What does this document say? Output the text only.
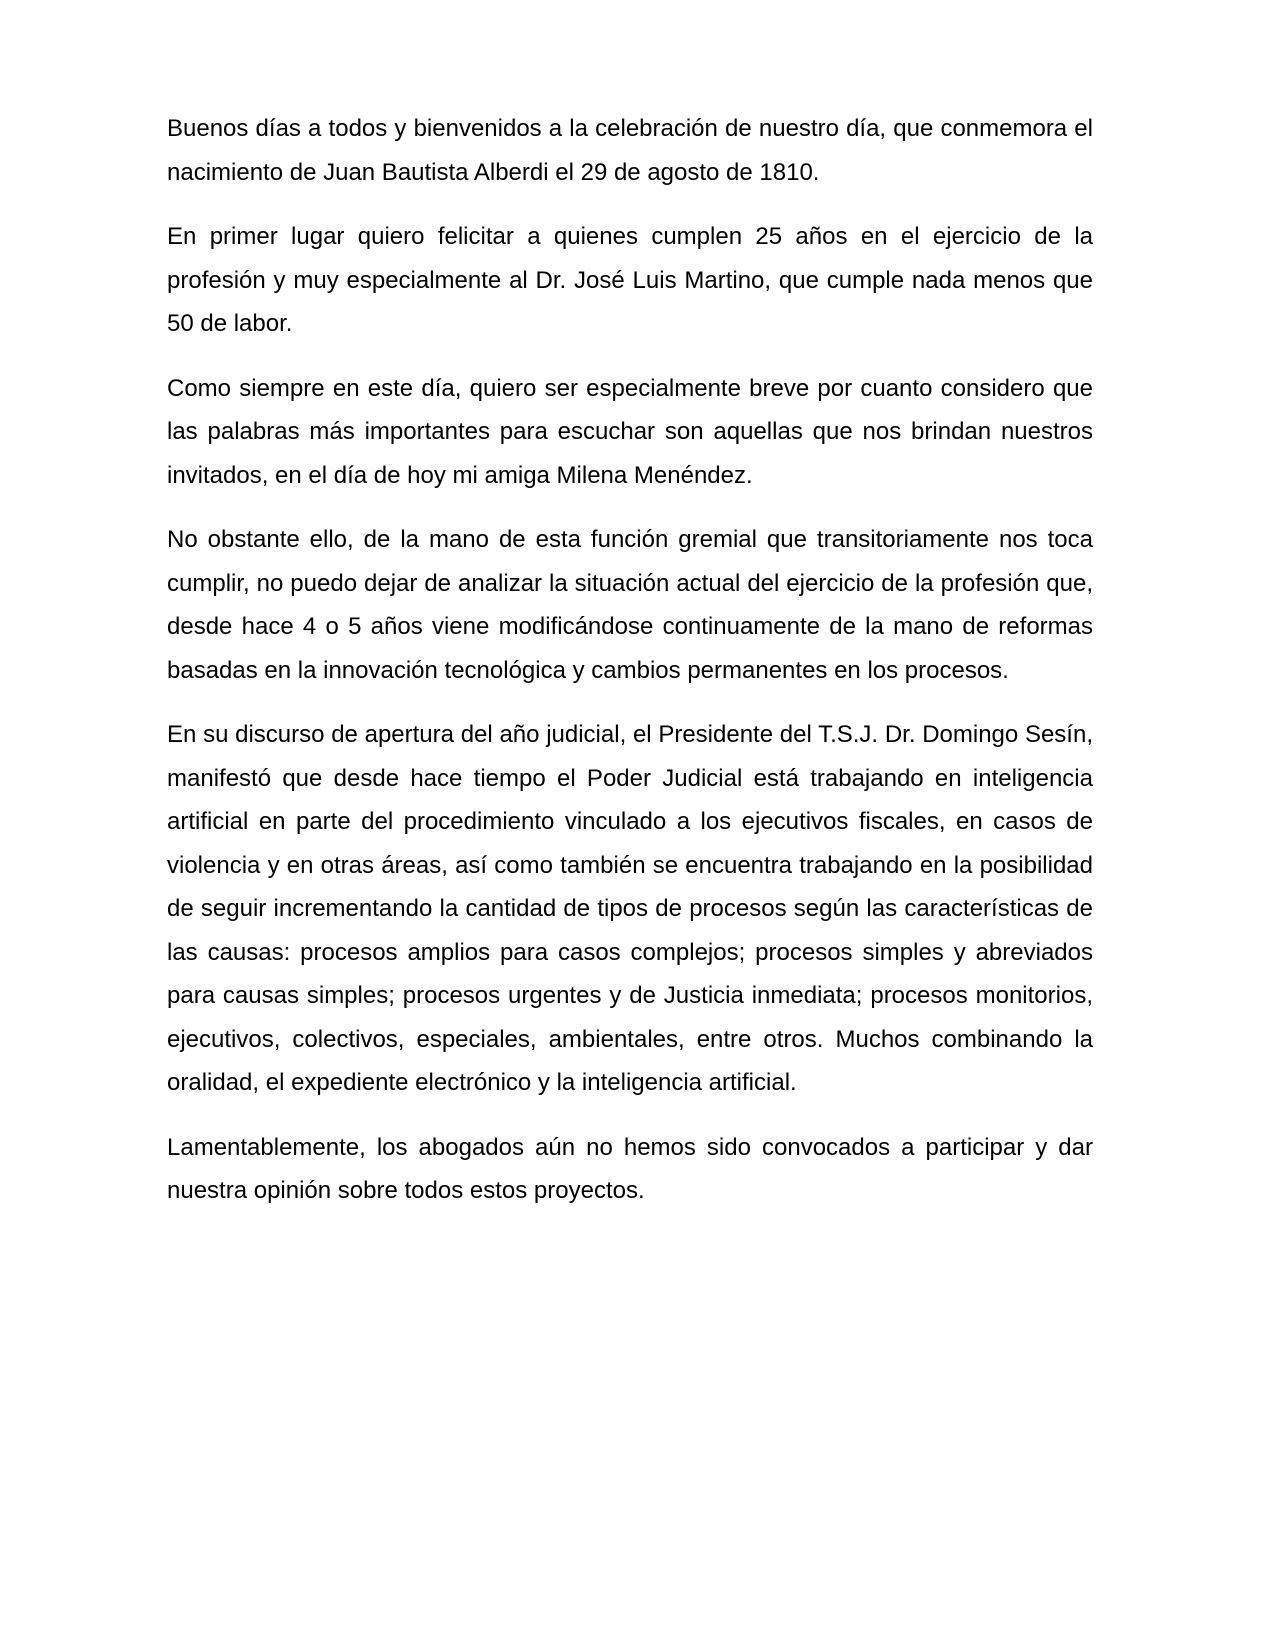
Buenos días a todos y bienvenidos a la celebración de nuestro día, que conmemora el nacimiento de Juan Bautista Alberdi el 29 de agosto de 1810.

En primer lugar quiero felicitar a quienes cumplen 25 años en el ejercicio de la profesión y muy especialmente al Dr. José Luis Martino, que cumple nada menos que 50 de labor.

Como siempre en este día, quiero ser especialmente breve por cuanto considero que las palabras más importantes para escuchar son aquellas que nos brindan nuestros invitados, en el día de hoy mi amiga Milena Menéndez.

No obstante ello, de la mano de esta función gremial que transitoriamente nos toca cumplir, no puedo dejar de analizar la situación actual del ejercicio de la profesión que, desde hace 4 o 5 años viene modificándose continuamente de la mano de reformas basadas en la innovación tecnológica y cambios permanentes en los procesos.

En su discurso de apertura del año judicial, el Presidente del T.S.J. Dr. Domingo Sesín, manifestó que desde hace tiempo el Poder Judicial está trabajando en inteligencia artificial en parte del procedimiento vinculado a los ejecutivos fiscales, en casos de violencia y en otras áreas, así como también se encuentra trabajando en la posibilidad de seguir incrementando la cantidad de tipos de procesos según las características de las causas: procesos amplios para casos complejos; procesos simples y abreviados para causas simples; procesos urgentes y de Justicia inmediata; procesos monitorios, ejecutivos, colectivos, especiales, ambientales, entre otros. Muchos combinando la oralidad, el expediente electrónico y la inteligencia artificial.

Lamentablemente, los abogados aún no hemos sido convocados a participar y dar nuestra opinión sobre todos estos proyectos.
